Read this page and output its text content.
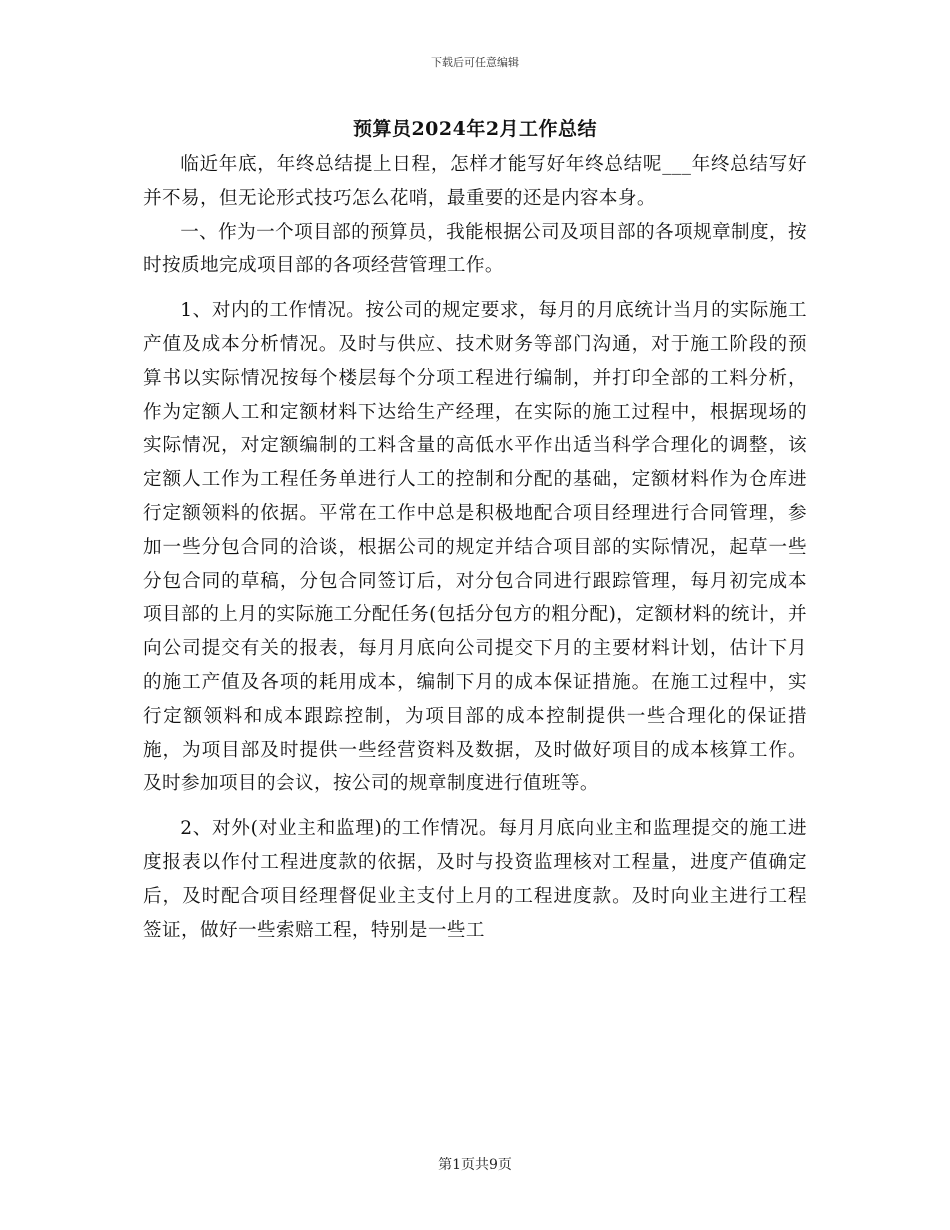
下载后可任意编辑
预算员2024年2月工作总结

临近年底，年终总结提上日程，怎样才能写好年终总结呢___年终总结写好并不易，但无论形式技巧怎么花哨，最重要的还是内容本身。

一、作为一个项目部的预算员，我能根据公司及项目部的各项规章制度，按时按质地完成项目部的各项经营管理工作。

1、对内的工作情况。按公司的规定要求，每月的月底统计当月的实际施工产值及成本分析情况。及时与供应、技术财务等部门沟通，对于施工阶段的预算书以实际情况按每个楼层每个分项工程进行编制，并打印全部的工料分析，作为定额人工和定额材料下达给生产经理，在实际的施工过程中，根据现场的实际情况，对定额编制的工料含量的高低水平作出适当科学合理化的调整，该定额人工作为工程任务单进行人工的控制和分配的基础，定额材料作为仓库进行定额领料的依据。平常在工作中总是积极地配合项目经理进行合同管理，参加一些分包合同的洽谈，根据公司的规定并结合项目部的实际情况，起草一些分包合同的草稿，分包合同签订后，对分包合同进行跟踪管理，每月初完成本项目部的上月的实际施工分配任务(包括分包方的粗分配)，定额材料的统计，并向公司提交有关的报表，每月月底向公司提交下月的主要材料计划，估计下月的施工产值及各项的耗用成本，编制下月的成本保证措施。在施工过程中，实行定额领料和成本跟踪控制，为项目部的成本控制提供一些合理化的保证措施，为项目部及时提供一些经营资料及数据，及时做好项目的成本核算工作。及时参加项目的会议，按公司的规章制度进行值班等。

2、对外(对业主和监理)的工作情况。每月月底向业主和监理提交的施工进度报表以作付工程进度款的依据，及时与投资监理核对工程量，进度产值确定后，及时配合项目经理督促业主支付上月的工程进度款。及时向业主进行工程签证，做好一些索赔工程，特别是一些工

第1页共9页
